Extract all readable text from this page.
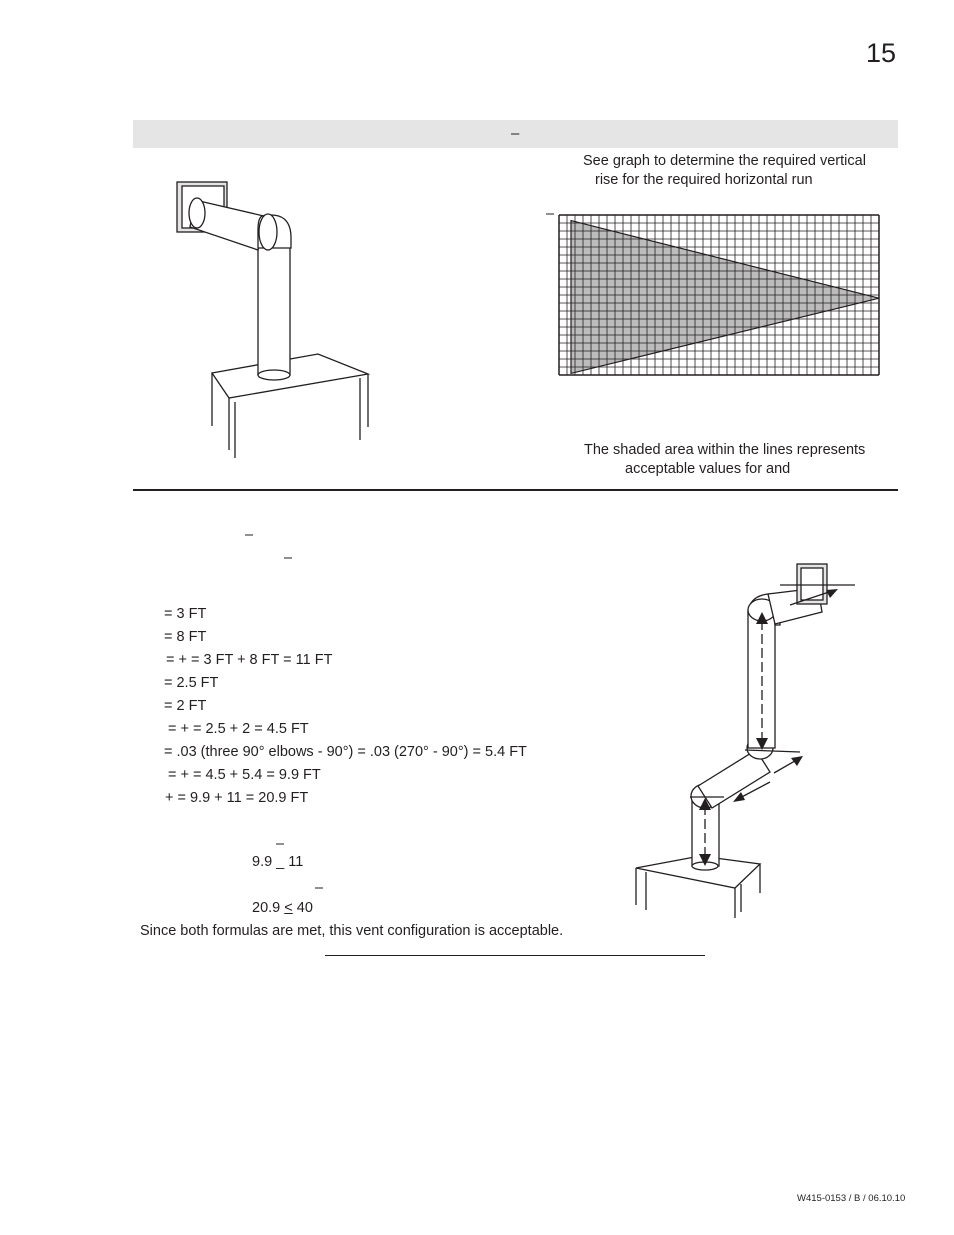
15
–
See graph to determine the required vertical
rise for the required horizontal run
–
The shaded area within the lines represents
acceptable values for and
–
–
= 3 FT
= 8 FT
= + = 3 FT + 8 FT = 11 FT
= 2.5 FT
= 2 FT
= + = 2.5 + 2 = 4.5 FT
= .03 (three 90° elbows - 90°) = .03 (270° - 90°) = 5.4 FT
= + = 4.5 + 5.4 = 9.9 FT
+ = 9.9 + 11 = 20.9 FT
–
9.9 _ 11
–
20.9 < 40
Since both formulas are met, this vent configuration is acceptable.
W415-0153 / B / 06.10.10
